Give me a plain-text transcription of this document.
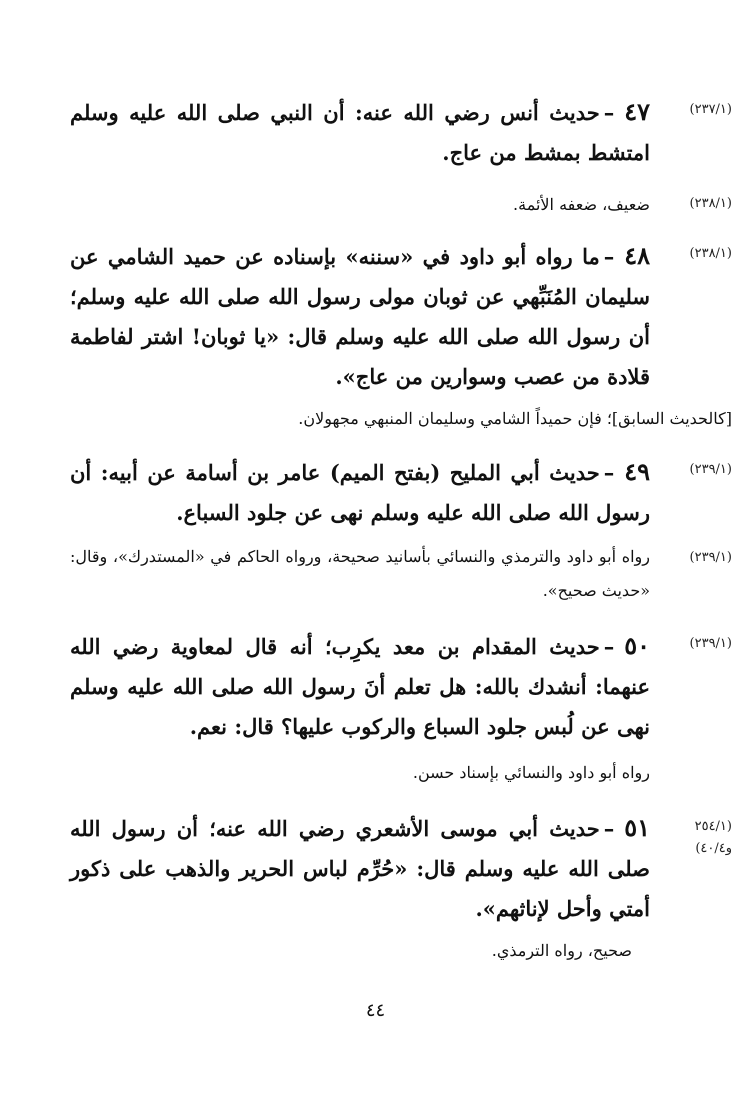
(٢٣٧/١)
٤٧–حديث أنس رضي الله عنه: أن النبي صلى الله عليه وسلم امتشط بمشط من عاج.
(٢٣٨/١)
ضعيف، ضعفه الأئمة.
(٢٣٨/١)
٤٨–ما رواه أبو داود في «سننه» بإسناده عن حميد الشامي عن سليمان المُنَبِّهي عن ثوبان مولى رسول الله صلى الله عليه وسلم؛ أن رسول الله صلى الله عليه وسلم قال: «يا ثوبان! اشتر لفاطمة قلادة من عصب وسوارين من عاج».
[كالحديث السابق]؛ فإن حميداً الشامي وسليمان المنبهي مجهولان.
(٢٣٩/١)
٤٩–حديث أبي المليح (بفتح الميم) عامر بن أسامة عن أبيه: أن رسول الله صلى الله عليه وسلم نهى عن جلود السباع.
(٢٣٩/١)
رواه أبو داود والترمذي والنسائي بأسانيد صحيحة، ورواه الحاكم في «المستدرك»، وقال: «حديث صحيح».
(٢٣٩/١)
٥٠–حديث المقدام بن معد يكرِب؛ أنه قال لمعاوية رضي الله عنهما: أنشدك بالله: هل تعلم أنَ رسول الله صلى الله عليه وسلم نهى عن لُبس جلود السباع والركوب عليها؟ قال: نعم.
رواه أبو داود والنسائي بإسناد حسن.
(٢٥٤/١ و٤٠/٤)
٥١–حديث أبي موسى الأشعري رضي الله عنه؛ أن رسول الله صلى الله عليه وسلم قال: «حُرِّم لباس الحرير والذهب على ذكور أمتي وأحل لإناثهم».
صحيح، رواه الترمذي.
٤٤
